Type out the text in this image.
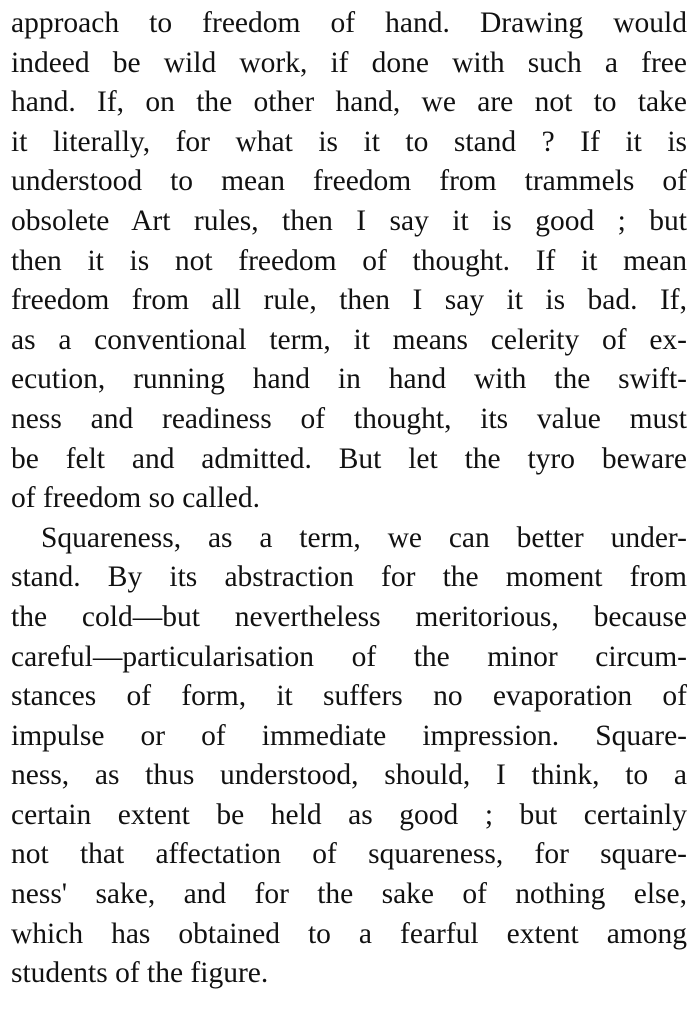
approach to freedom of hand. Drawing would
indeed be wild work, if done with such a free
hand. If, on the other hand, we are not to take
it literally, for what is it to stand ? If it is
understood to mean freedom from trammels of
obsolete Art rules, then I say it is good ; but
then it is not freedom of thought. If it mean
freedom from all rule, then I say it is bad. If,
as a conventional term, it means celerity of ex-
ecution, running hand in hand with the swift-
ness and readiness of thought, its value must
be felt and admitted. But let the tyro beware
of freedom so called.
Squareness, as a term, we can better under-
stand. By its abstraction for the moment from
the cold—but nevertheless meritorious, because
careful—particularisation of the minor circum-
stances of form, it suffers no evaporation of
impulse or of immediate impression. Square-
ness, as thus understood, should, I think, to a
certain extent be held as good ; but certainly
not that affectation of squareness, for square-
ness' sake, and for the sake of nothing else,
which has obtained to a fearful extent among
students of the figure.
